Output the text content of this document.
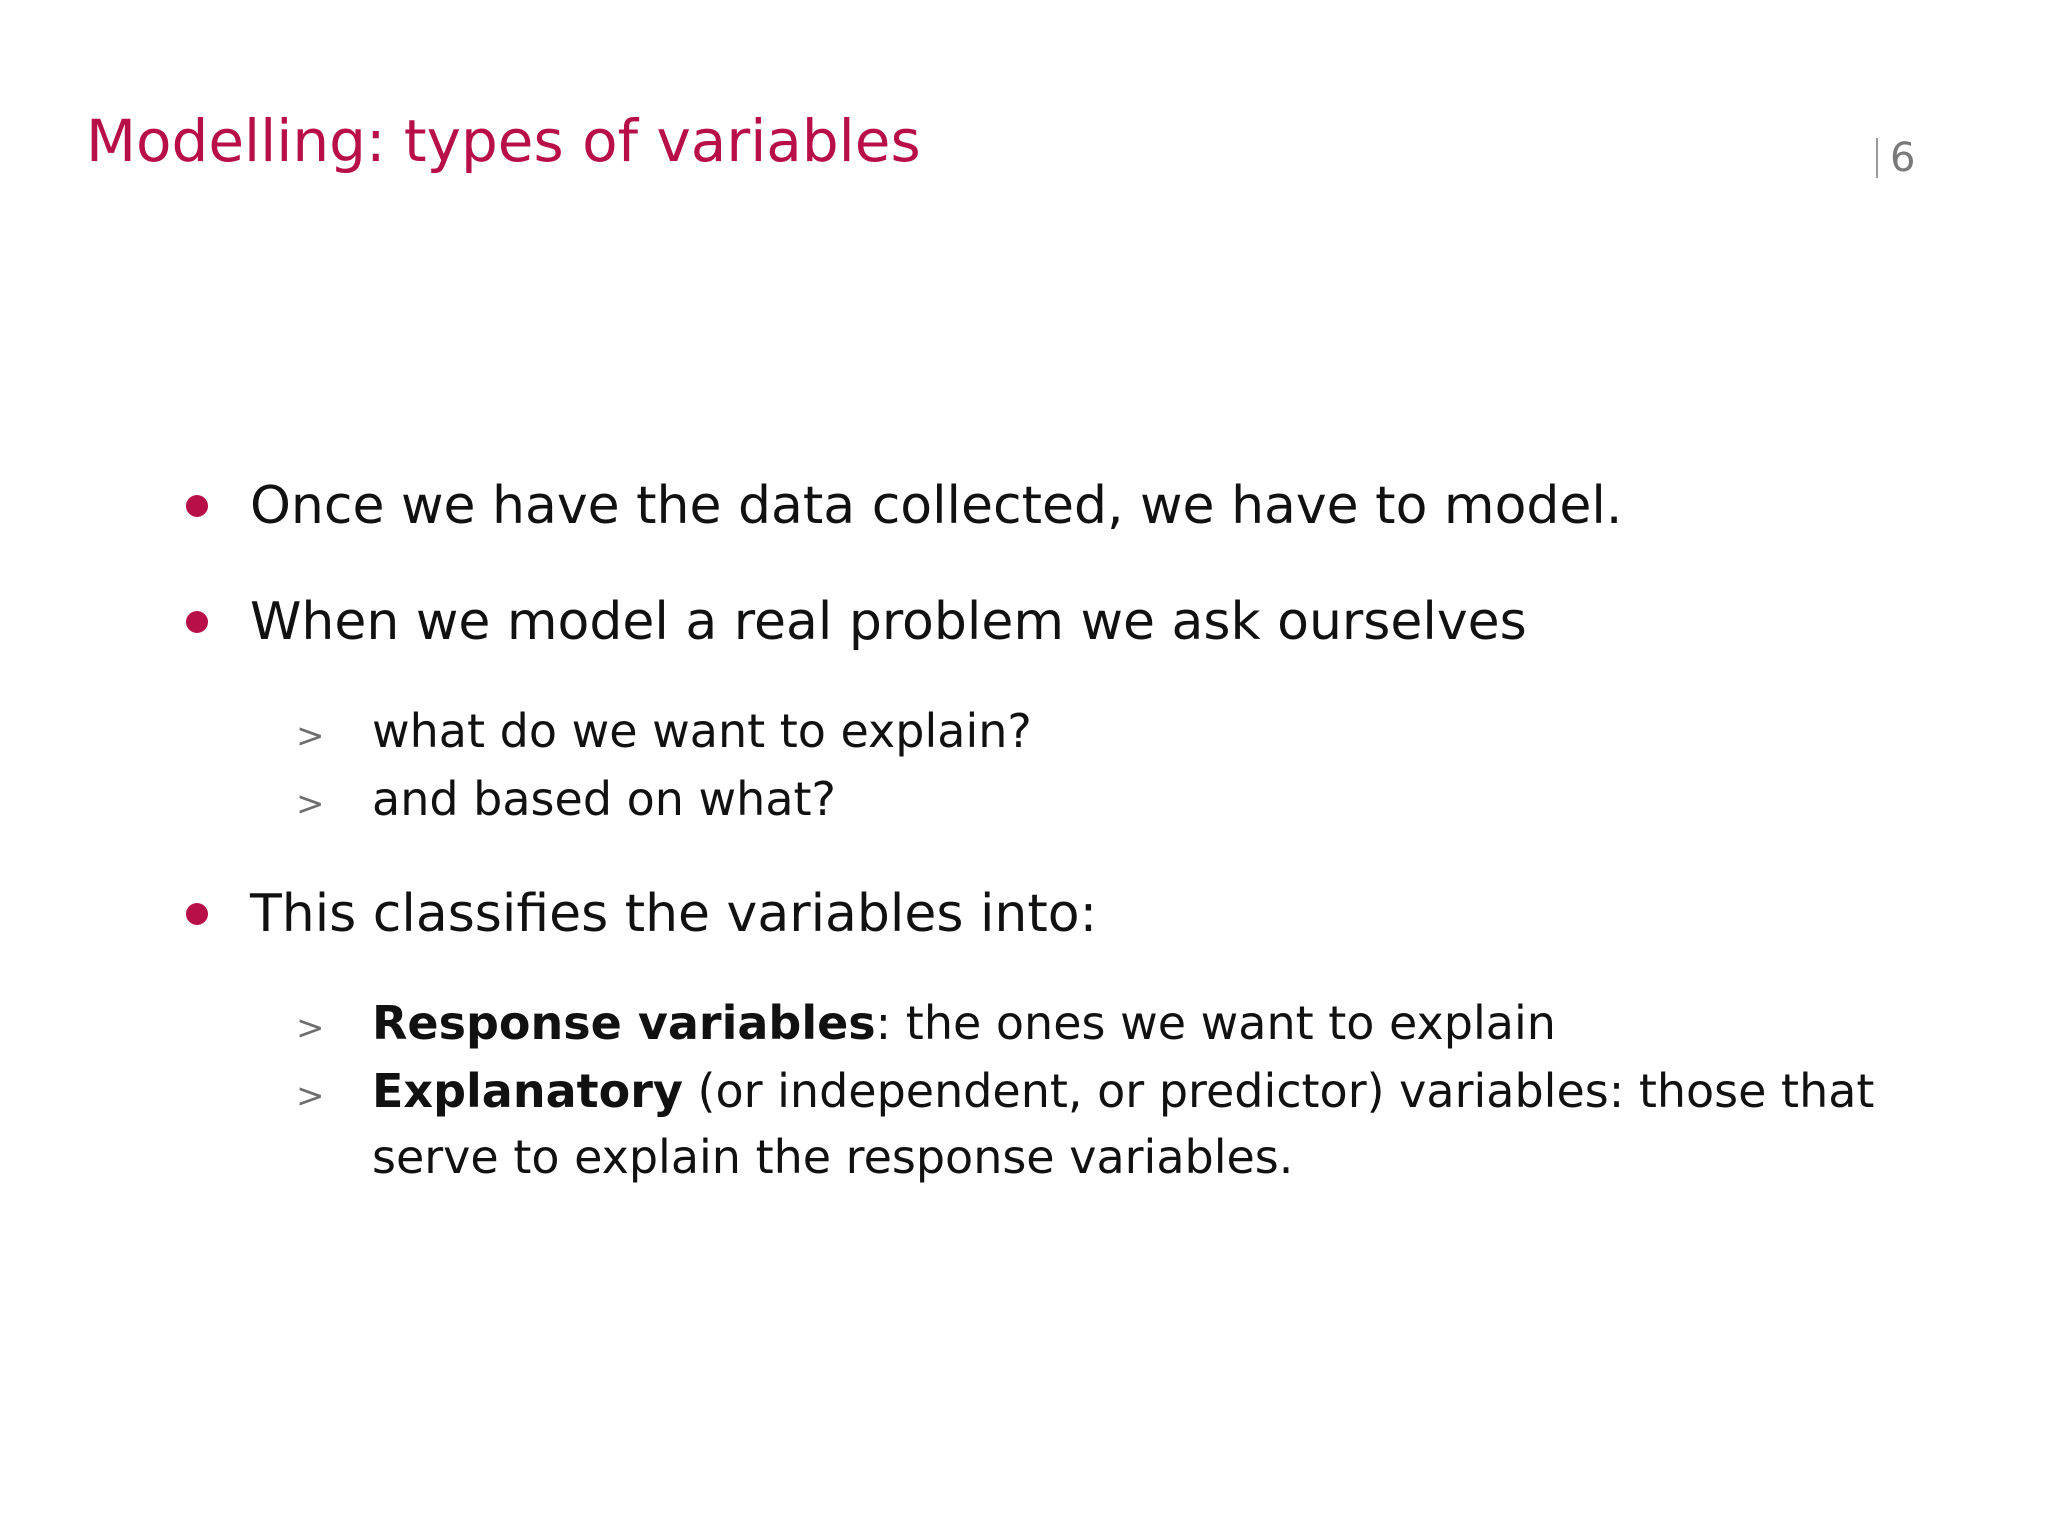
Modelling: types of variables	6
Once we have the data collected, we have to model.
When we model a real problem we ask ourselves
>	what do we want to explain?
>	and based on what?
This classifies the variables into:
>	Response variables: the ones we want to explain
>	Explanatory (or independent, or predictor) variables: those that
serve to explain the response variables.
